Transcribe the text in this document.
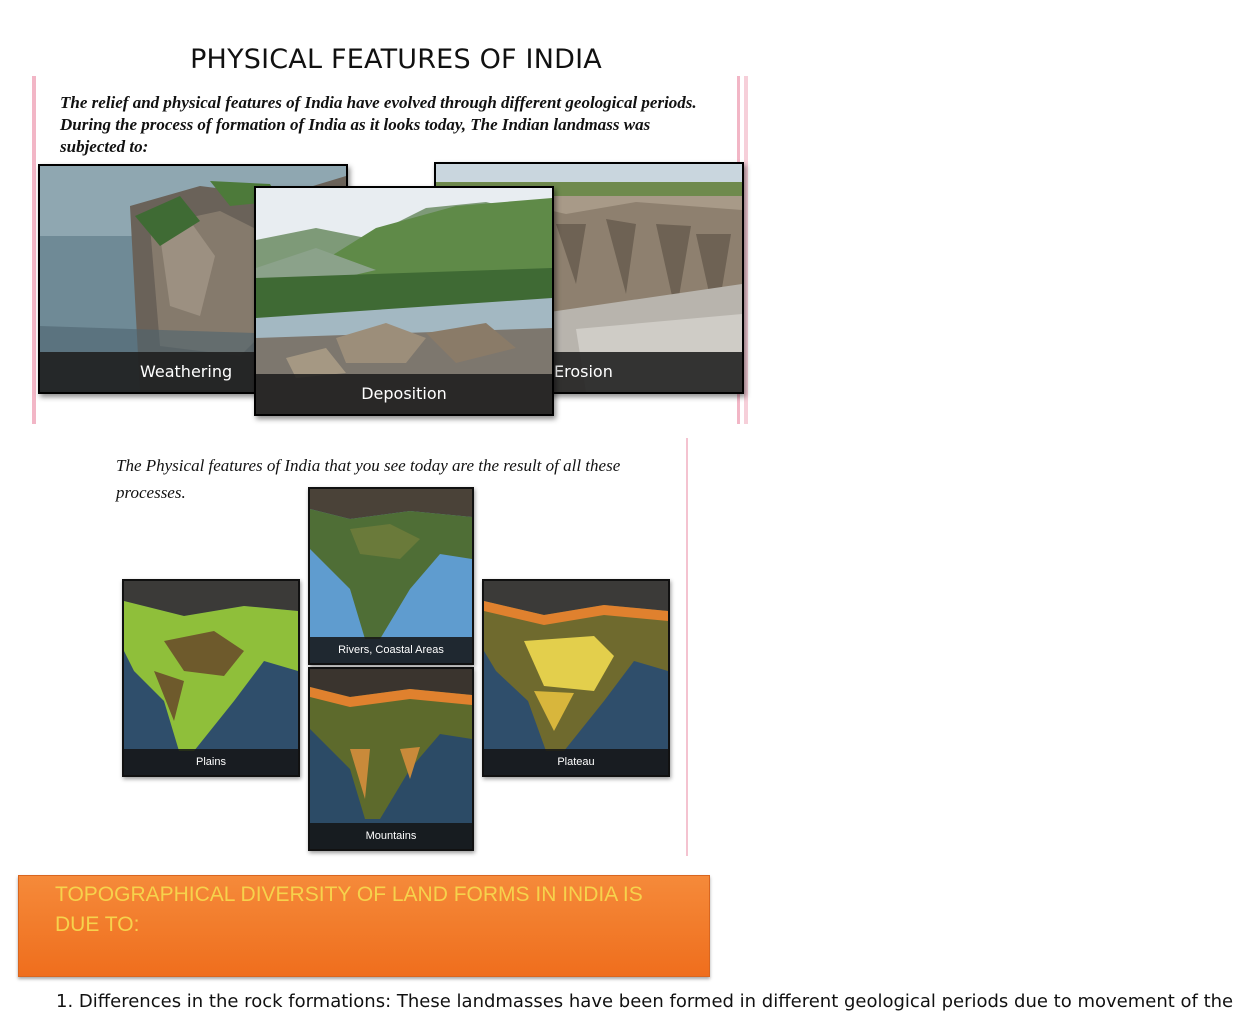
PHYSICAL FEATURES OF INDIA
The relief and physical features of India have evolved through different geological periods. During the process of formation of India as it looks today, The Indian landmass was subjected to:
Weathering	Erosion
Deposition
The Physical features of India that you see today are the result of all these processes.
Plains
Rivers, Coastal Areas
Mountains
Plateau
TOPOGRAPHICAL DIVERSITY OF LAND FORMS IN INDIA IS DUE TO:
1. Differences in the rock formations: These landmasses have been formed in different geological periods due to movement of the
